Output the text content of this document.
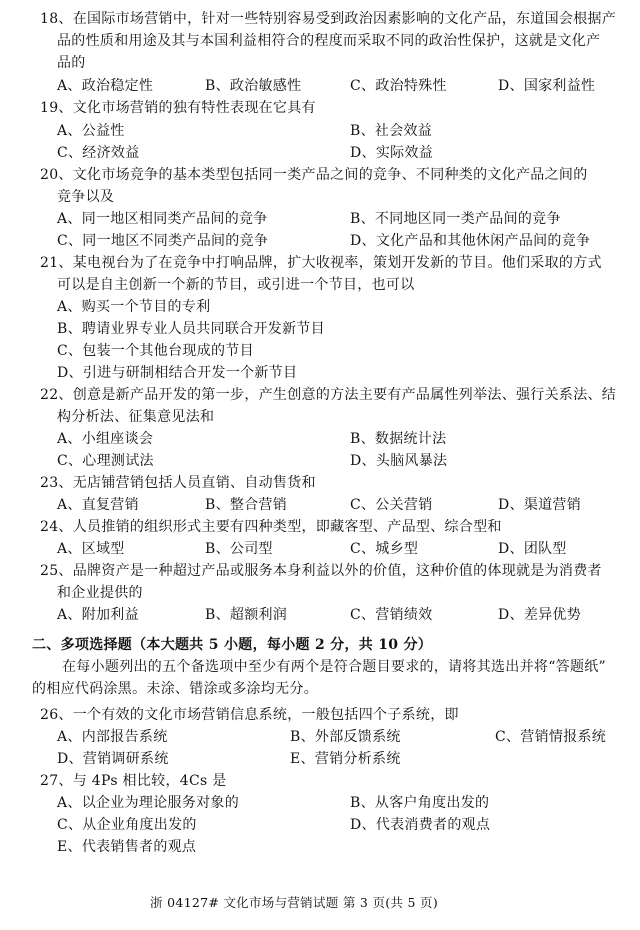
18、在国际市场营销中，针对一些特别容易受到政治因素影响的文化产品，东道国会根据产
品的性质和用途及其与本国利益相符合的程度而采取不同的政治性保护，这就是文化产
品的
A、政治稳定性	B、政治敏感性	C、政治特殊性	D、国家利益性
19、文化市场营销的独有特性表现在它具有
A、公益性	B、社会效益
C、经济效益	D、实际效益
20、文化市场竞争的基本类型包括同一类产品之间的竞争、不同种类的文化产品之间的
竞争以及
A、同一地区相同类产品间的竞争	B、不同地区同一类产品间的竞争
C、同一地区不同类产品间的竞争	D、文化产品和其他休闲产品间的竞争
21、某电视台为了在竞争中打响品牌，扩大收视率，策划开发新的节目。他们采取的方式
可以是自主创新一个新的节目，或引进一个节目，也可以
A、购买一个节目的专利
B、聘请业界专业人员共同联合开发新节目
C、包装一个其他台现成的节目
D、引进与研制相结合开发一个新节目
22、创意是新产品开发的第一步，产生创意的方法主要有产品属性列举法、强行关系法、结
构分析法、征集意见法和
A、小组座谈会	B、数据统计法
C、心理测试法	D、头脑风暴法
23、无店铺营销包括人员直销、自动售货和
A、直复营销	B、整合营销	C、公关营销	D、渠道营销
24、人员推销的组织形式主要有四种类型，即藏客型、产品型、综合型和
A、区域型	B、公司型	C、城乡型	D、团队型
25、品牌资产是一种超过产品或服务本身利益以外的价值，这种价值的体现就是为消费者
和企业提供的
A、附加利益	B、超额利润	C、营销绩效	D、差异优势
二、多项选择题（本大题共 5 小题，每小题 2 分，共 10 分）
在每小题列出的五个备选项中至少有两个是符合题目要求的，请将其选出并将“答题纸”
的相应代码涂黑。未涂、错涂或多涂均无分。
26、一个有效的文化市场营销信息系统，一般包括四个子系统，即
A、内部报告系统	B、外部反馈系统	C、营销情报系统
D、营销调研系统	E、营销分析系统
27、与 4Ps 相比较，4Cs 是
A、以企业为理论服务对象的	B、从客户角度出发的
C、从企业角度出发的	D、代表消费者的观点
E、代表销售者的观点
浙 04127# 文化市场与营销试题 第 3 页(共 5 页)
